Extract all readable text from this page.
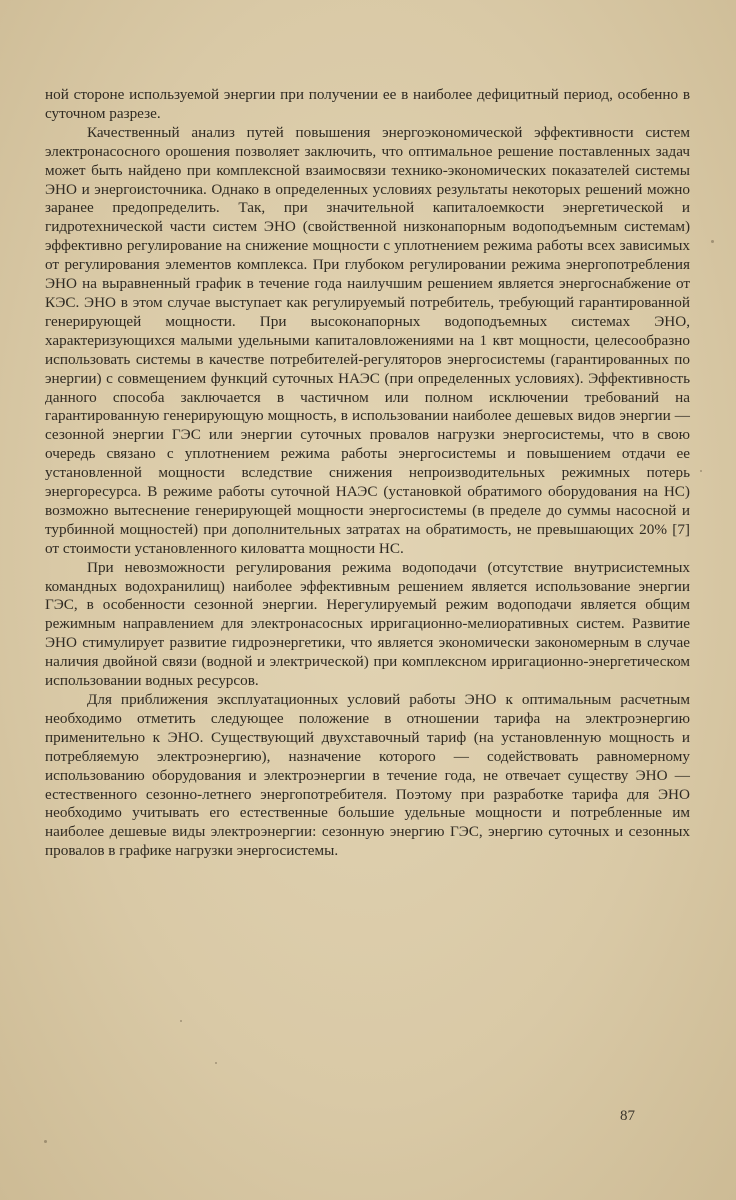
ной стороне используемой энергии при получении ее в наиболее дефицитный период, особенно в суточном разрезе.

Качественный анализ путей повышения энергоэкономической эффективности систем электронасосного орошения позволяет заключить, что оптимальное решение поставленных задач может быть найдено при комплексной взаимосвязи технико-экономических показателей системы ЭНО и энергоисточника. Однако в определенных условиях результаты некоторых решений можно заранее предопределить. Так, при значительной капиталоемкости энергетической и гидротехнической части систем ЭНО (свойственной низконапорным водоподъемным системам) эффективно регулирование на снижение мощности с уплотнением режима работы всех зависимых от регулирования элементов комплекса. При глубоком регулировании режима энергопотребления ЭНО на выравненный график в течение года наилучшим решением является энергоснабжение от КЭС. ЭНО в этом случае выступает как регулируемый потребитель, требующий гарантированной генерирующей мощности. При высоконапорных водоподъемных системах ЭНО, характеризующихся малыми удельными капиталовложениями на 1 квт мощности, целесообразно использовать системы в качестве потребителей-регуляторов энергосистемы (гарантированных по энергии) с совмещением функций суточных НАЭС (при определенных условиях). Эффективность данного способа заключается в частичном или полном исключении требований на гарантированную генерирующую мощность, в использовании наиболее дешевых видов энергии — сезонной энергии ГЭС или энергии суточных провалов нагрузки энергосистемы, что в свою очередь связано с уплотнением режима работы энергосистемы и повышением отдачи ее установленной мощности вследствие снижения непроизводительных режимных потерь энергоресурса. В режиме работы суточной НАЭС (установкой обратимого оборудования на НС) возможно вытеснение генерирующей мощности энергосистемы (в пределе до суммы насосной и турбинной мощностей) при дополнительных затратах на обратимость, не превышающих 20% [7] от стоимости установленного киловатта мощности НС.

При невозможности регулирования режима водоподачи (отсутствие внутрисистемных командных водохранилищ) наиболее эффективным решением является использование энергии ГЭС, в особенности сезонной энергии. Нерегулируемый режим водоподачи является общим режимным направлением для электронасосных ирригационно-мелиоративных систем. Развитие ЭНО стимулирует развитие гидроэнергетики, что является экономически закономерным в случае наличия двойной связи (водной и электрической) при комплексном ирригационно-энергетическом использовании водных ресурсов.

Для приближения эксплуатационных условий работы ЭНО к оптимальным расчетным необходимо отметить следующее положение в отношении тарифа на электроэнергию применительно к ЭНО. Существующий двухставочный тариф (на установленную мощность и потребляемую электроэнергию), назначение которого — содействовать равномерному использованию оборудования и электроэнергии в течение года, не отвечает существу ЭНО — естественного сезонно-летнего энергопотребителя. Поэтому при разработке тарифа для ЭНО необходимо учитывать его естественные большие удельные мощности и потребленные им наиболее дешевые виды электроэнергии: сезонную энергию ГЭС, энергию суточных и сезонных провалов в графике нагрузки энергосистемы.

87
